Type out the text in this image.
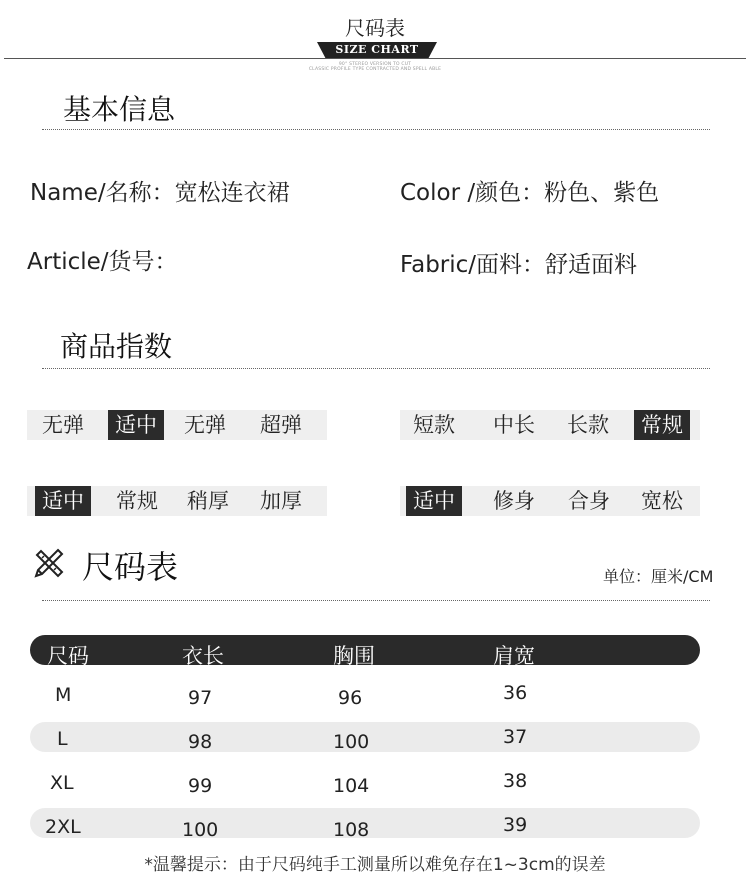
尺码表
SIZE CHART
90° STEREO VERSION TO CUT
CLASSIC PROFILE TYPE CONTRACTED AND SPELL ABLE
基本信息
Name/名称：宽松连衣裙	Color /颜色：粉色、紫色
Article/货号：	Fabric/面料：舒适面料
商品指数
无弹	适中	无弹	超弹	短款	中长	长款	常规
适中	常规	稍厚	加厚	适中	修身	合身	宽松
尺码表	单位：厘米/CM
尺码	衣长	胸围	肩宽
M	97	96	36
L	98	100	37
XL	99	104	38
2XL	100	108	39
*温馨提示：由于尺码纯手工测量所以难免存在1~3cm的误差
